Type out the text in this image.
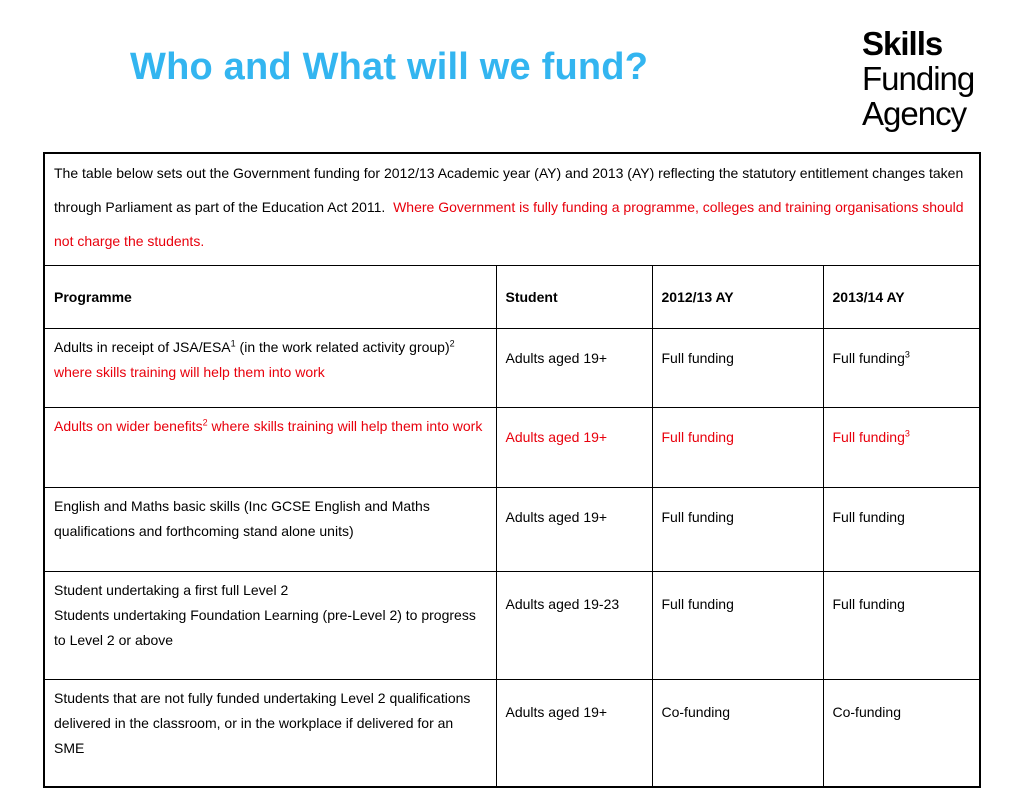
Who and What will we fund?
Skills
Funding
Agency
The table below sets out the Government funding for 2012/13 Academic year (AY) and 2013 (AY) reflecting the statutory entitlement changes taken through Parliament as part of the Education Act 2011. Where Government is fully funding a programme, colleges and training organisations should not charge the students.			
Programme	Student	2012/13 AY	2013/14 AY
Adults in receipt of JSA/ESA$^1$ (in the work related activity group)$^2$ where skills training will help them into work	Adults aged 19+	Full funding	Full funding$^3$
Adults on wider benefits$^2$ where skills training will help them into work	Adults aged 19+	Full funding	Full funding$^3$
English and Maths basic skills (Inc GCSE English and Maths qualifications and forthcoming stand alone units)	Adults aged 19+	Full funding	Full funding

Student undertaking a first full Level 2
Students undertaking Foundation Learning (pre-Level 2) to progress to Level 2 or above	Adults aged 19-23	Full funding	Full funding
Students that are not fully funded undertaking Level 2 qualifications delivered in the classroom, or in the workplace if delivered for an SME	Adults aged 19+	Co-funding	Co-funding
